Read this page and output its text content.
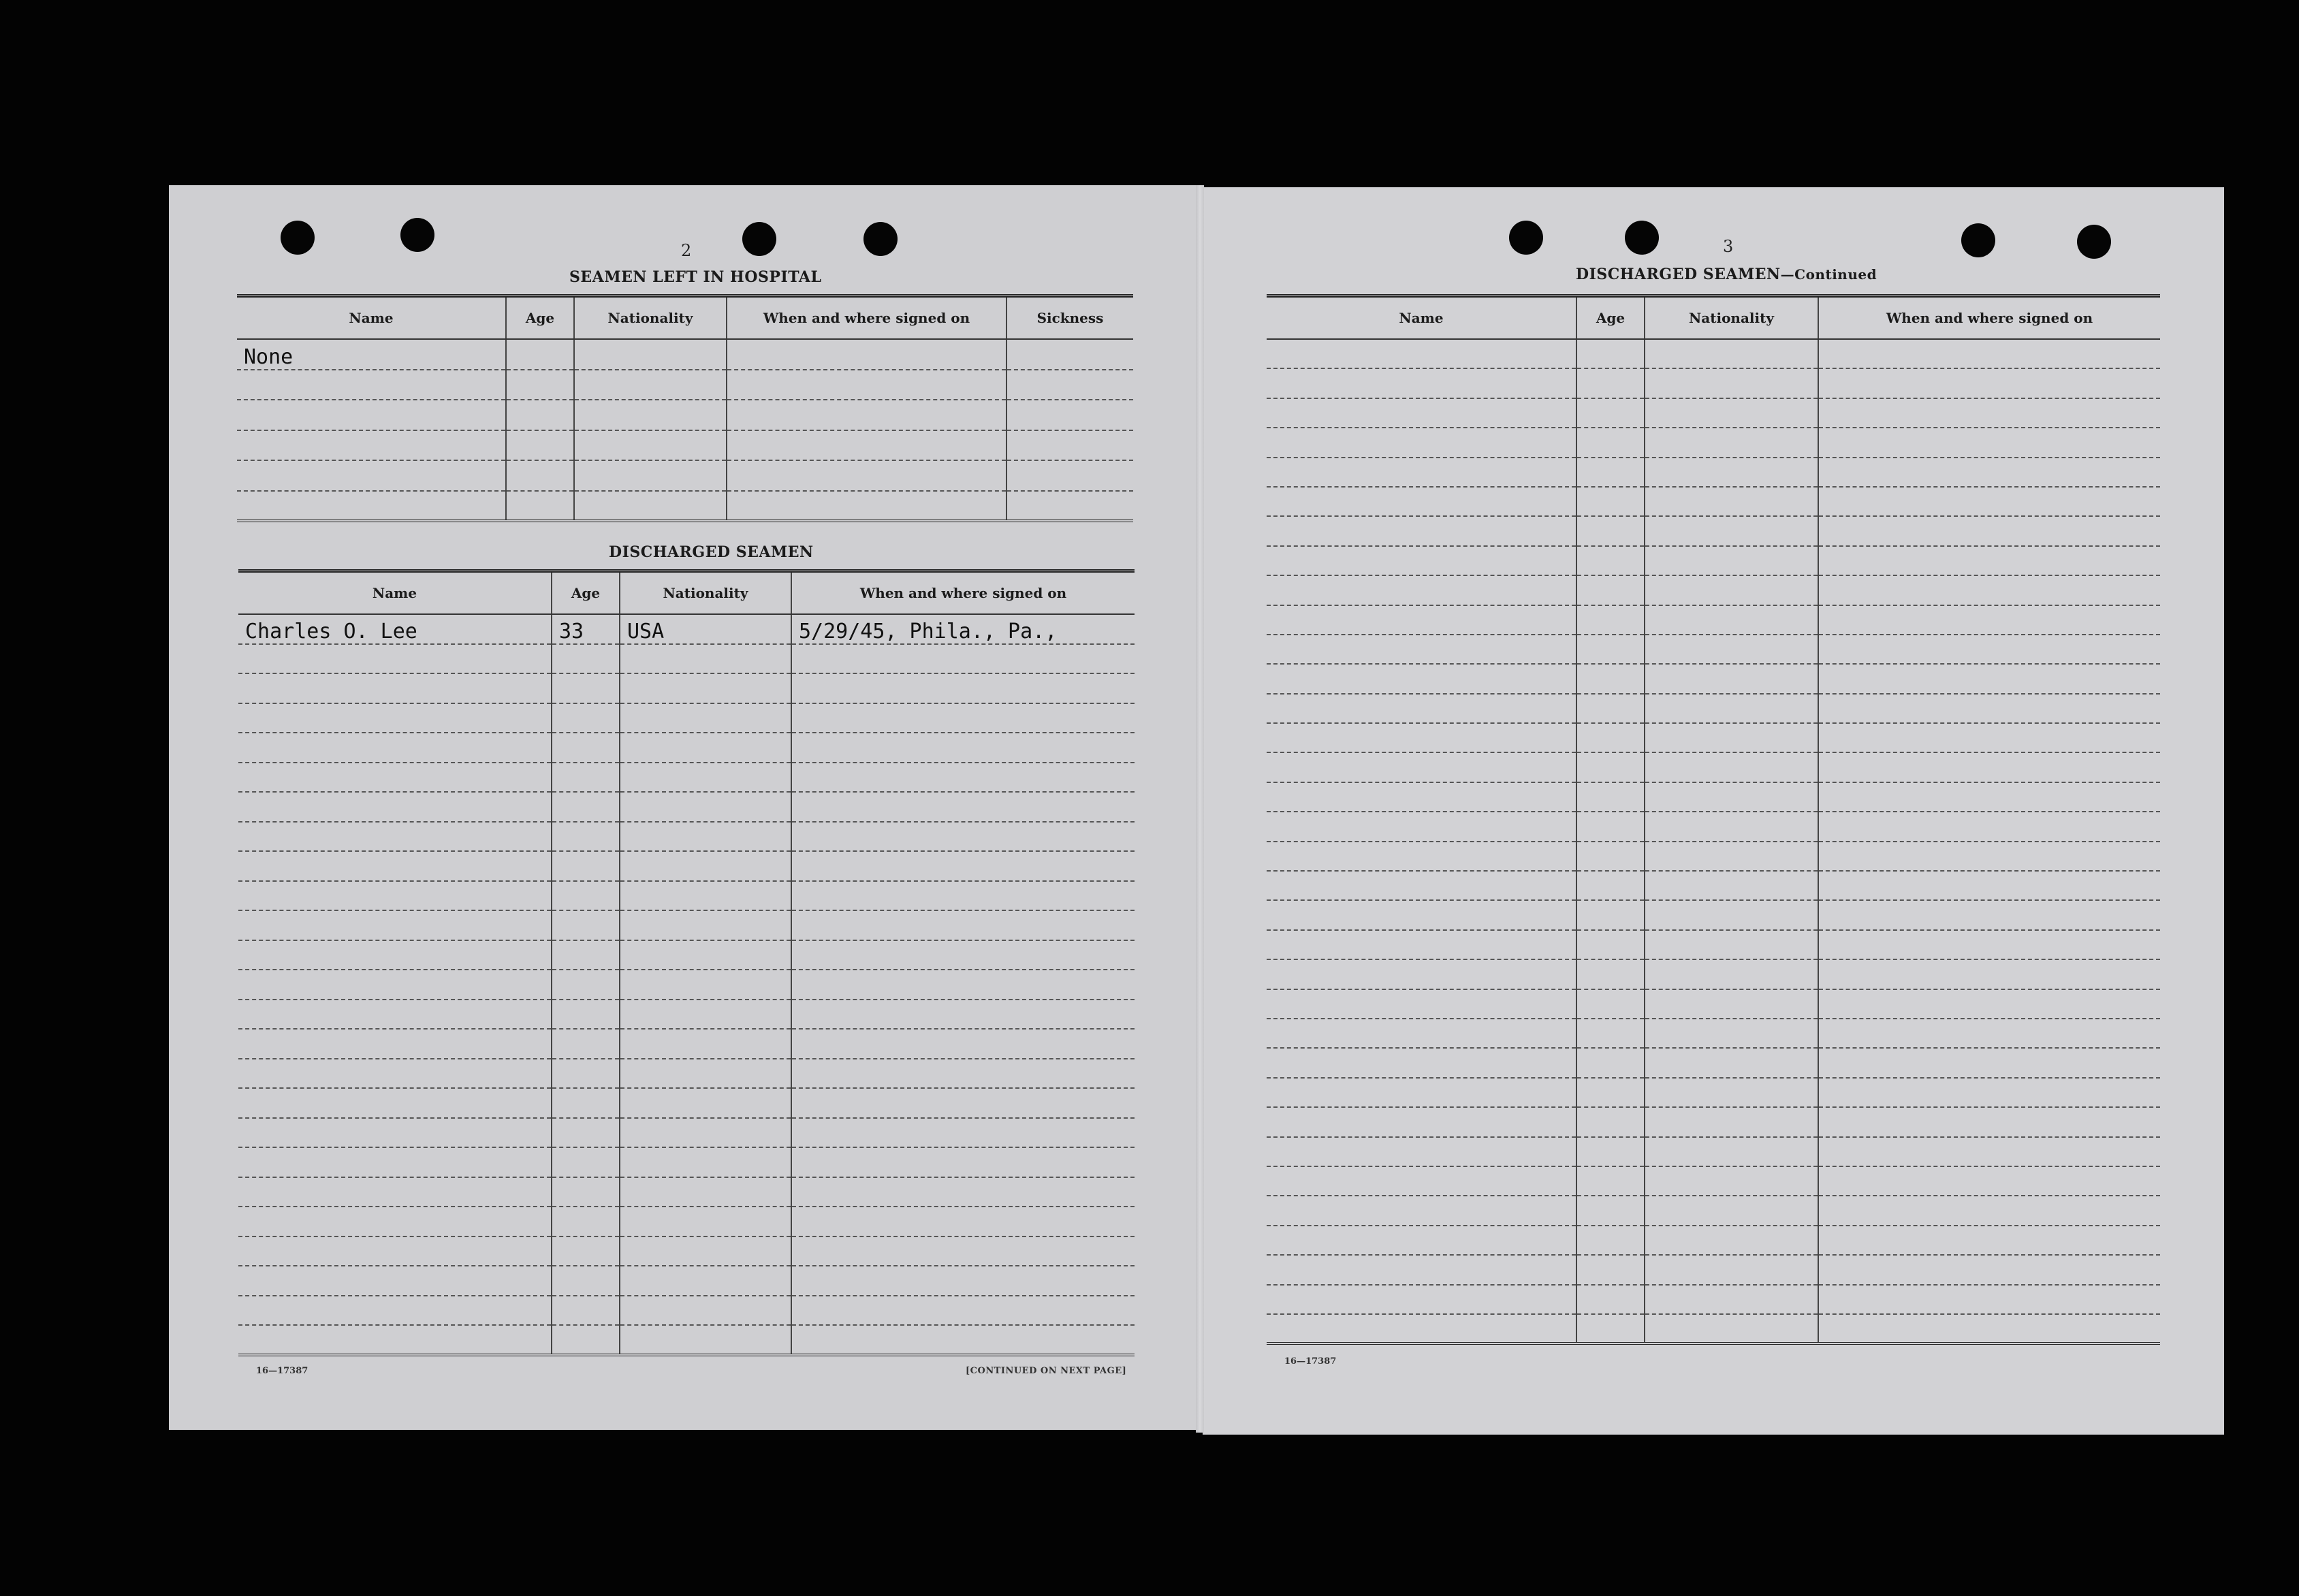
2
SEAMEN LEFT IN HOSPITAL
Name	Age	Nationality	When and where signed on	Sickness
None				

DISCHARGED SEAMEN
Name	Age	Nationality	When and where signed on
Charles O. Lee	33	USA	5/29/45, Phila., Pa.,

16—17387	[CONTINUED ON NEXT PAGE]
3
DISCHARGED SEAMEN—Continued
Name	Age	Nationality	When and where signed on

16—17387
